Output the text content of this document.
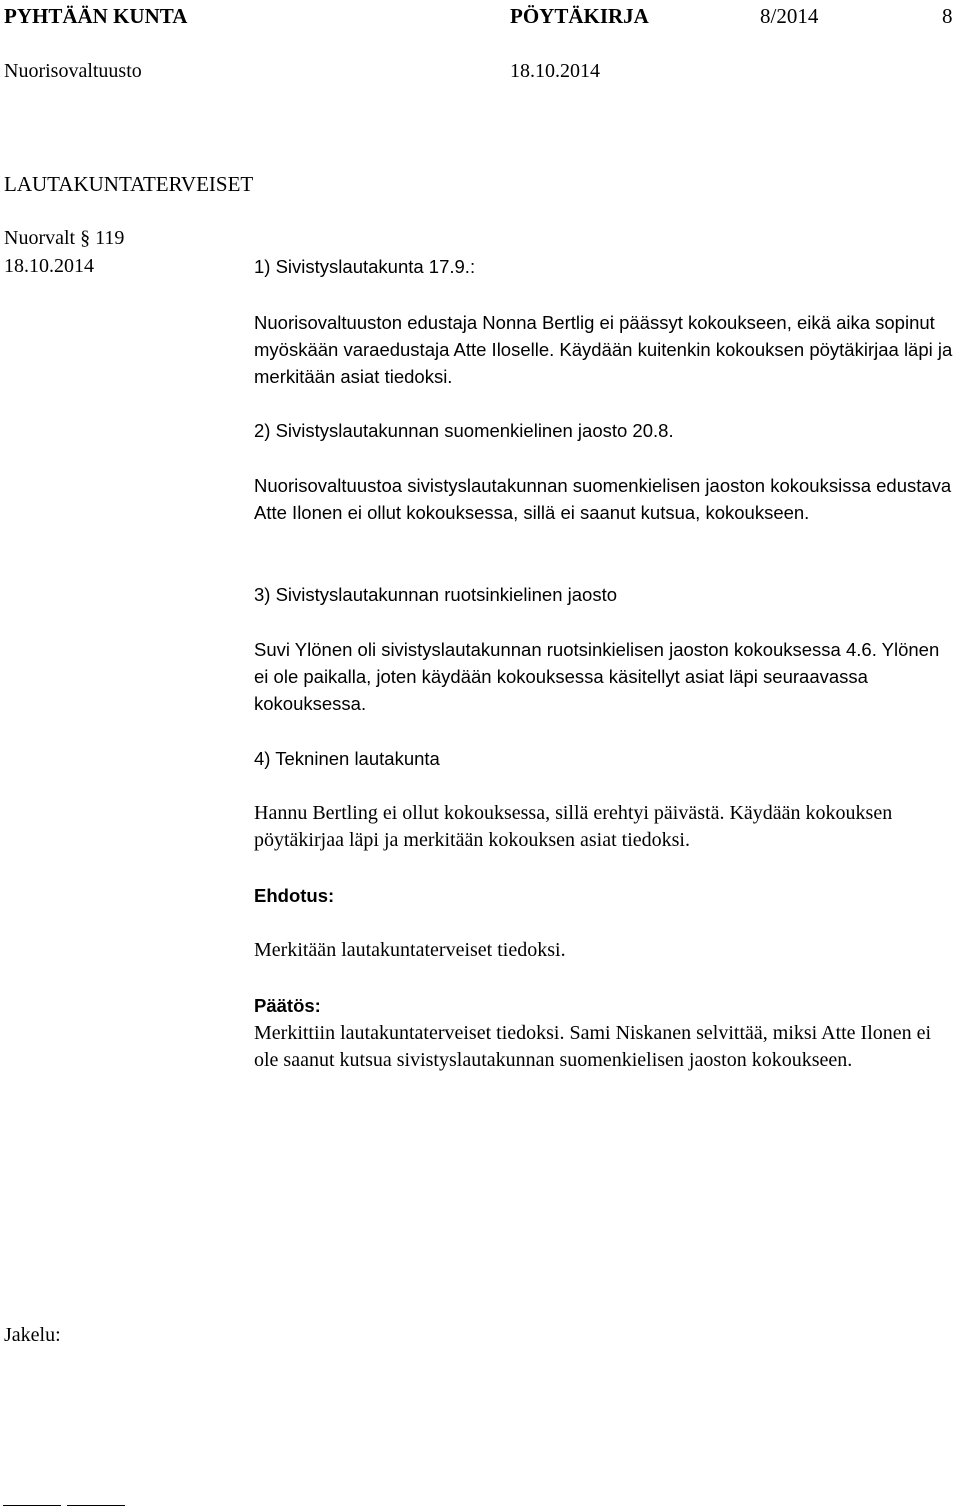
PYHTÄÄN KUNTA	PÖYTÄKIRJA	8/2014	8
Nuorisovaltuusto	18.10.2014
LAUTAKUNTATERVEISET
Nuorvalt § 119
18.10.2014	1) Sivistyslautakunta 17.9.:

Nuorisovaltuuston edustaja Nonna Bertlig ei päässyt kokoukseen, eikä aika sopinut myöskään varaedustaja Atte Iloselle. Käydään kuitenkin kokouksen pöytäkirjaa läpi ja merkitään asiat tiedoksi.

2) Sivistyslautakunnan suomenkielinen jaosto 20.8.

Nuorisovaltuustoa sivistyslautakunnan suomenkielisen jaoston kokouksissa edustava Atte Ilonen ei ollut kokouksessa, sillä ei saanut kutsua, kokoukseen.

3) Sivistyslautakunnan ruotsinkielinen jaosto

Suvi Ylönen oli sivistyslautakunnan ruotsinkielisen jaoston kokouksessa 4.6. Ylönen ei ole paikalla, joten käydään kokouksessa käsitellyt asiat läpi seuraavassa kokouksessa.

4) Tekninen lautakunta

Hannu Bertling ei ollut kokouksessa, sillä erehtyi päivästä. Käydään kokouksen pöytäkirjaa läpi ja merkitään kokouksen asiat tiedoksi.

Ehdotus:
Merkitään lautakuntaterveiset tiedoksi.
Päätös:

Merkittiin lautakuntaterveiset tiedoksi. Sami Niskanen selvittää, miksi Atte Ilonen ei ole saanut kutsua sivistyslautakunnan suomenkielisen jaoston kokoukseen.

Jakelu:
